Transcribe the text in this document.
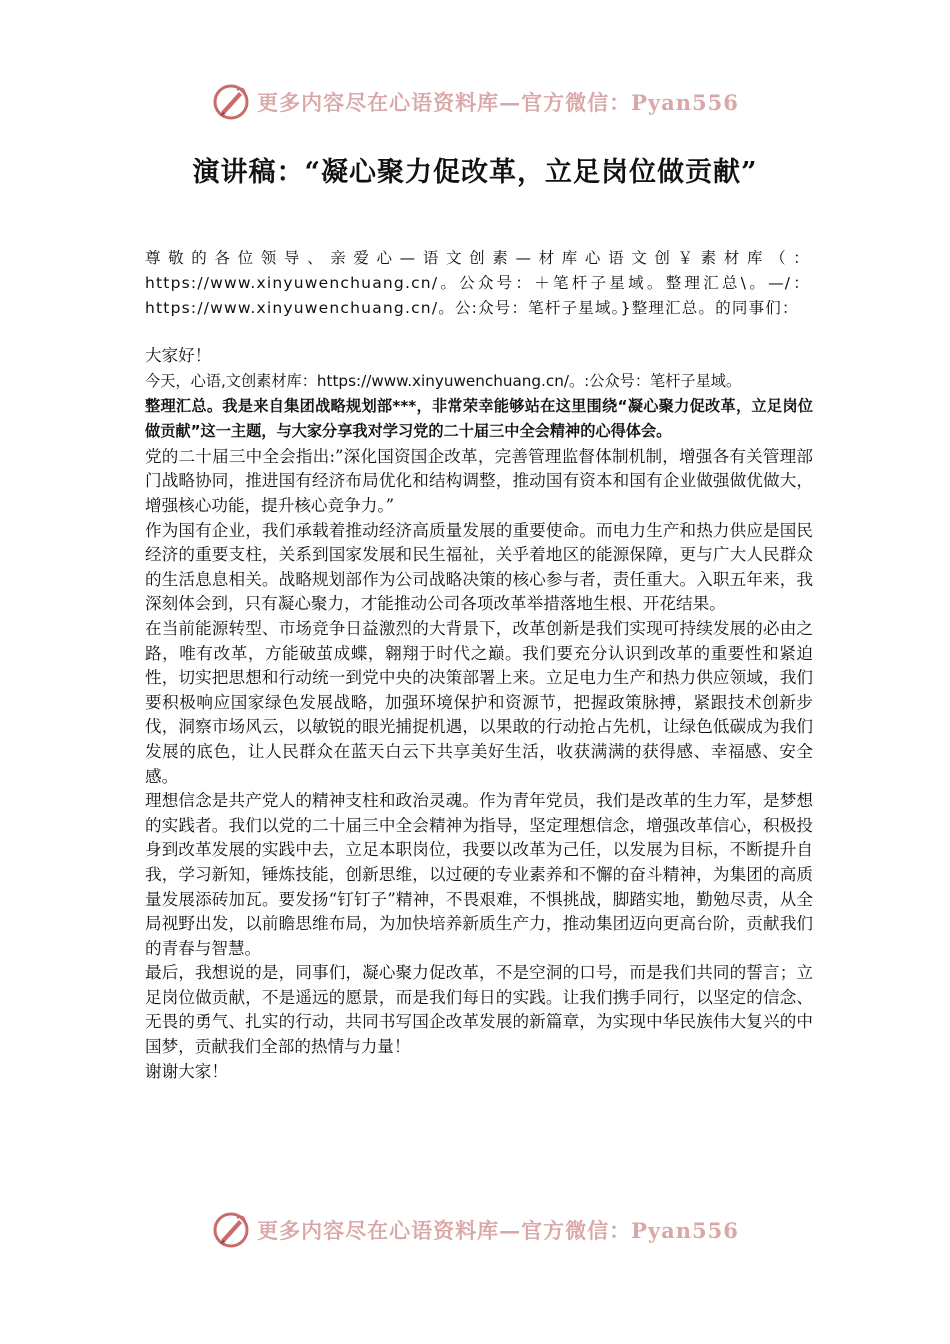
更多内容尽在心语资料库—官方微信：Pyan556
演讲稿：“凝心聚力促改革，立足岗位做贡献”
尊敬的各位领导、亲爱心—语文创素—材库心语文创￥素材库（：https://www.xinyuwenchuang.cn/。公众号：＋笔杆子星域。整理汇总\。—/：https://www.xinyuwenchuang.cn/。公:众号：笔杆子星域。}整理汇总。的同事们：

大家好！

今天，心语,文创素材库：https://www.xinyuwenchuang.cn/。:公众号：笔杆子星域。

整理汇总。我是来自集团战略规划部***，非常荣幸能够站在这里围绕“凝心聚力促改革，立足岗位做贡献”这一主题，与大家分享我对学习党的二十届三中全会精神的心得体会。

党的二十届三中全会指出:”深化国资国企改革，完善管理监督体制机制，增强各有关管理部门战略协同，推进国有经济布局优化和结构调整，推动国有资本和国有企业做强做优做大，增强核心功能，提升核心竞争力。”

作为国有企业，我们承载着推动经济高质量发展的重要使命。而电力生产和热力供应是国民经济的重要支柱，关系到国家发展和民生福祉，关乎着地区的能源保障，更与广大人民群众的生活息息相关。战略规划部作为公司战略决策的核心参与者，责任重大。入职五年来，我深刻体会到，只有凝心聚力，才能推动公司各项改革举措落地生根、开花结果。

在当前能源转型、市场竞争日益激烈的大背景下，改革创新是我们实现可持续发展的必由之路，唯有改革，方能破茧成蝶，翱翔于时代之巅。我们要充分认识到改革的重要性和紧迫性，切实把思想和行动统一到党中央的决策部署上来。立足电力生产和热力供应领域，我们要积极响应国家绿色发展战略，加强环境保护和资源节，把握政策脉搏，紧跟技术创新步伐，洞察市场风云，以敏锐的眼光捕捉机遇，以果敢的行动抢占先机，让绿色低碳成为我们发展的底色，让人民群众在蓝天白云下共享美好生活，收获满满的获得感、幸福感、安全感。

理想信念是共产党人的精神支柱和政治灵魂。作为青年党员，我们是改革的生力军，是梦想的实践者。我们以党的二十届三中全会精神为指导，坚定理想信念，增强改革信心，积极投身到改革发展的实践中去，立足本职岗位，我要以改革为己任，以发展为目标，不断提升自我，学习新知，锤炼技能，创新思维，以过硬的专业素养和不懈的奋斗精神，为集团的高质量发展添砖加瓦。要发扬“钉钉子”精神，不畏艰难，不惧挑战，脚踏实地，勤勉尽责，从全局视野出发，以前瞻思维布局，为加快培养新质生产力，推动集团迈向更高台阶，贡献我们的青春与智慧。

最后，我想说的是，同事们，凝心聚力促改革，不是空洞的口号，而是我们共同的誓言；立足岗位做贡献，不是遥远的愿景，而是我们每日的实践。让我们携手同行，以坚定的信念、无畏的勇气、扎实的行动，共同书写国企改革发展的新篇章，为实现中华民族伟大复兴的中国梦，贡献我们全部的热情与力量！

谢谢大家！

更多内容尽在心语资料库—官方微信：Pyan556
